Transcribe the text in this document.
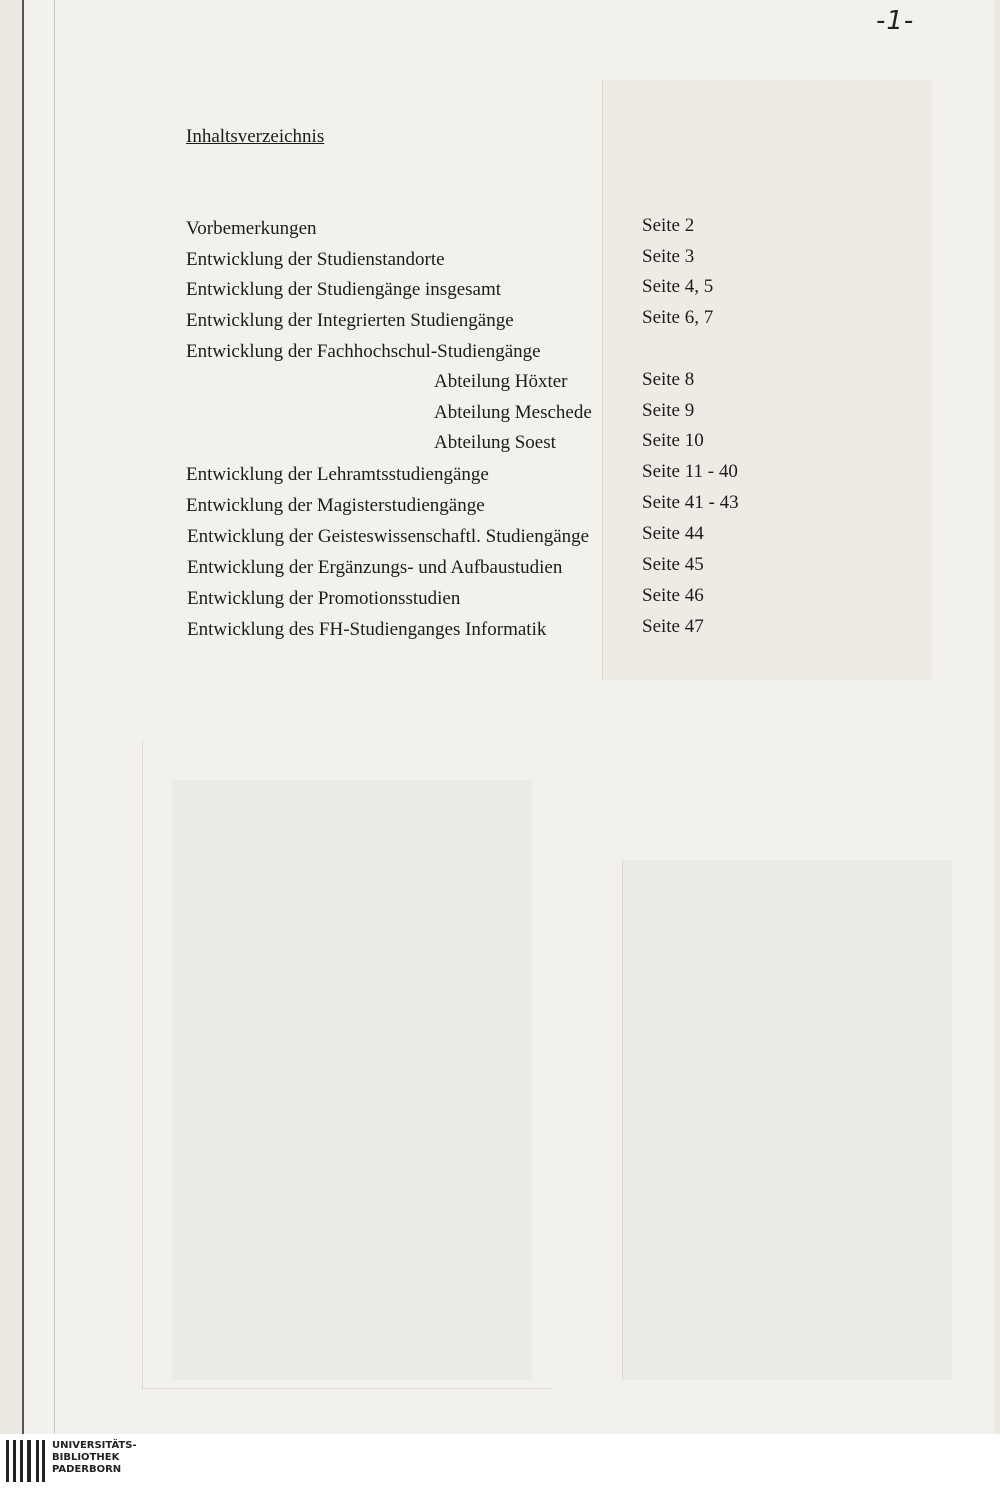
-1-
Inhaltsverzeichnis
Vorbemerkungen	Seite 2
Entwicklung der Studienstandorte	Seite 3
Entwicklung der Studiengänge insgesamt	Seite 4, 5
Entwicklung der Integrierten Studiengänge	Seite 6, 7
Entwicklung der Fachhochschul-Studiengänge
Abteilung Höxter	Seite 8
Abteilung Meschede	Seite 9
Abteilung Soest	Seite 10
Entwicklung der Lehramtsstudiengänge	Seite 11 - 40
Entwicklung der Magisterstudiengänge	Seite 41 - 43
Entwicklung der Geisteswissenschaftl. Studiengänge	Seite 44
Entwicklung der Ergänzungs- und Aufbaustudien	Seite 45
Entwicklung der Promotionsstudien	Seite 46
Entwicklung des FH-Studienganges Informatik	Seite 47
UNIVERSITÄTS-
BIBLIOTHEK
PADERBORN
